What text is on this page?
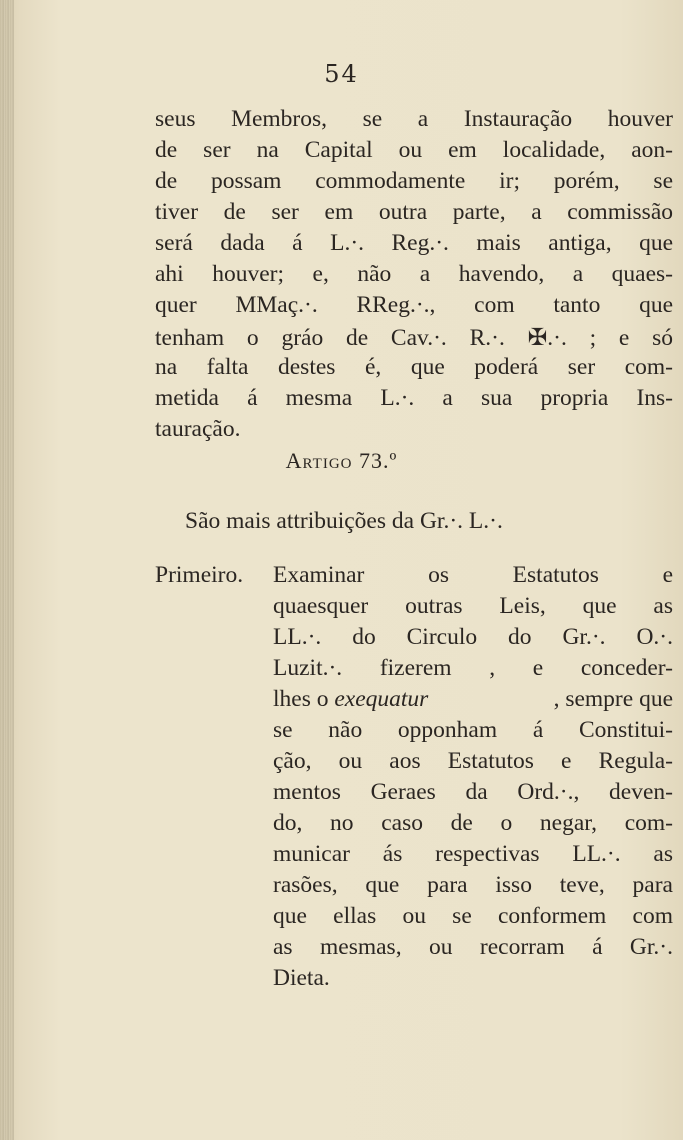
54
seus Membros, se a Instauração houver
de ser na Capital ou em localidade, aon-
de possam commodamente ir; porém, se
tiver de ser em outra parte, a commissão
será dada á L.·. Reg.·. mais antiga, que
ahi houver; e, não a havendo, a quaes-
quer MMaç.·. RReg.·., com tanto que
tenham o gráo de Cav.·. R.·. ✠.·. ; e só
na falta destes é, que poderá ser com-
metida á mesma L.·. a sua propria Ins-
tauração.
Artigo 73.º
São mais attribuições da Gr.·. L.·.
Primeiro. Examinar os Estatutos e
quaesquer outras Leis, que as
LL.·. do Circulo do Gr.·. O.·.
Luzit.·. fizerem , e conceder-
lhes o exequatur	, sempre que
se não opponham á Constitui-
ção, ou aos Estatutos e Regula-
mentos Geraes da Ord.·., deven-
do, no caso de o negar, com-
municar ás respectivas LL.·. as
rasões, que para isso teve, para
que ellas ou se conformem com
as mesmas, ou recorram á Gr.·.
Dieta.
